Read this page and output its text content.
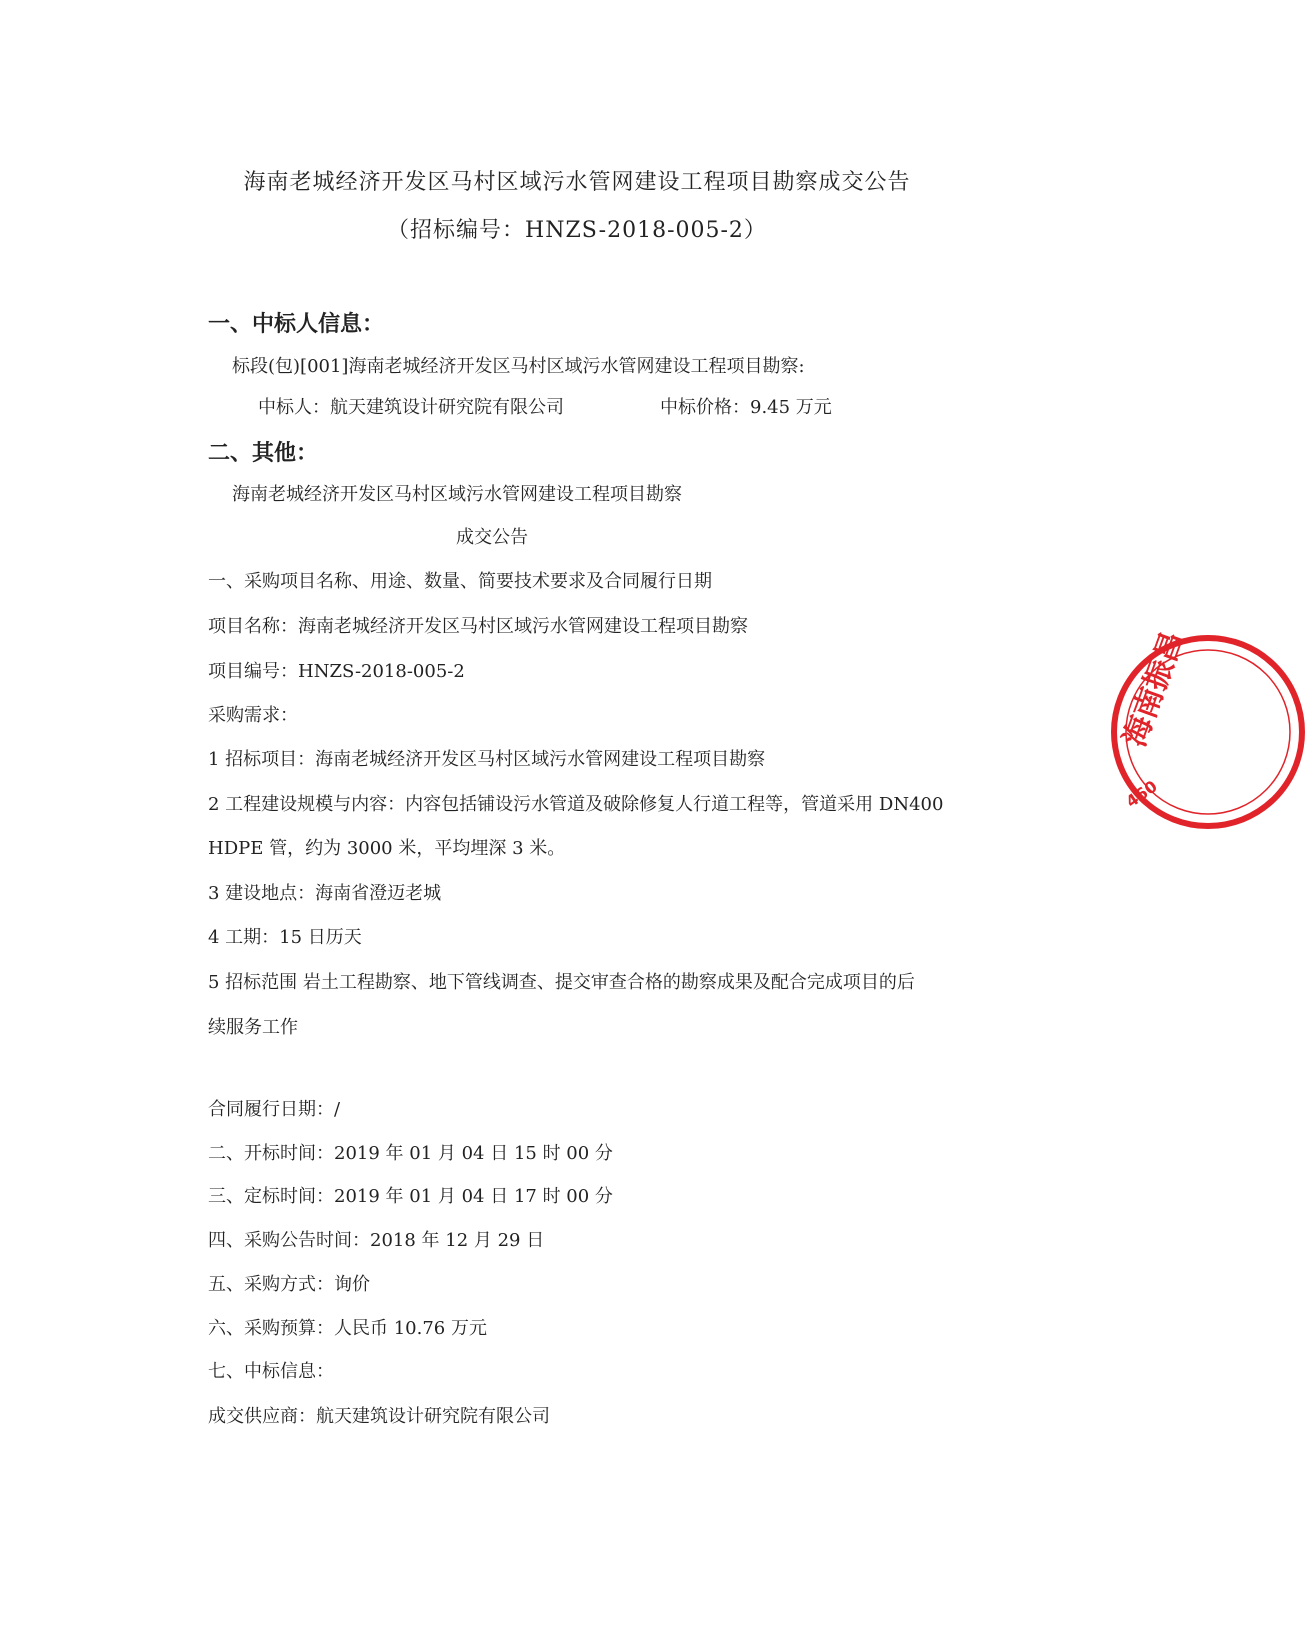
海南老城经济开发区马村区域污水管网建设工程项目勘察成交公告
（招标编号：HNZS-2018-005-2）
一、中标人信息：
标段(包)[001]海南老城经济开发区马村区域污水管网建设工程项目勘察:
中标人：航天建筑设计研究院有限公司	中标价格：9.45 万元
二、其他：
海南老城经济开发区马村区域污水管网建设工程项目勘察
成交公告
一、采购项目名称、用途、数量、简要技术要求及合同履行日期
项目名称：海南老城经济开发区马村区域污水管网建设工程项目勘察
项目编号：HNZS-2018-005-2
采购需求：
1 招标项目：海南老城经济开发区马村区域污水管网建设工程项目勘察
2 工程建设规模与内容：内容包括铺设污水管道及破除修复人行道工程等，管道采用 DN400
HDPE 管，约为 3000 米，平均埋深 3 米。
3 建设地点：海南省澄迈老城
4 工期：15 日历天
5 招标范围 岩土工程勘察、地下管线调查、提交审查合格的勘察成果及配合完成项目的后
续服务工作
合同履行日期：/
二、开标时间：2019 年 01 月 04 日 15 时 00 分
三、定标时间：2019 年 01 月 04 日 17 时 00 分
四、采购公告时间：2018 年 12 月 29 日
五、采购方式：询价
六、采购预算：人民币 10.76 万元
七、中标信息：
成交供应商：航天建筑设计研究院有限公司
海南振昌
460
